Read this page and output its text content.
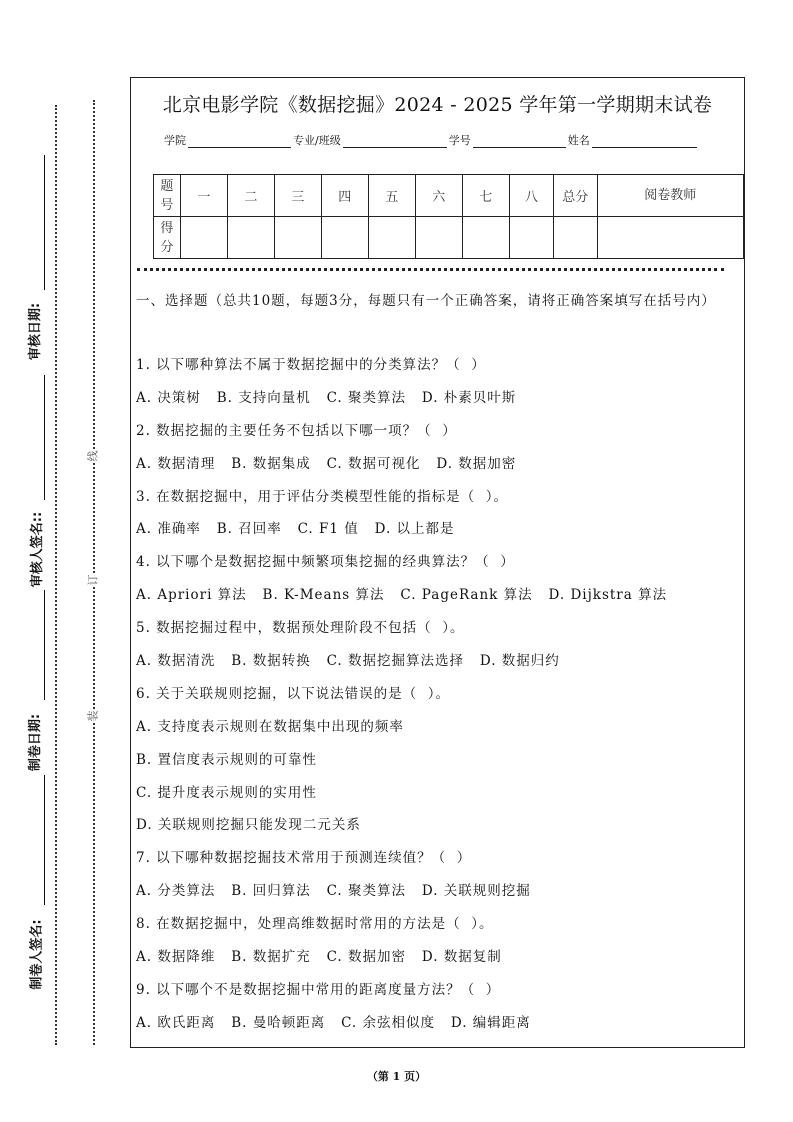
审核日期:
审核人签名::
制卷日期:
制卷人签名:
线
订
装
北京电影学院《数据挖掘》2024 - 2025 学年第一学期期末试卷
学院	专业/班级	学号	姓名
题号	一	二	三	四	五	六	七	八	总分	阅卷教师
得分										
一、选择题（总共10题，每题3分，每题只有一个正确答案，请将正确答案填写在括号内）
1. 以下哪种算法不属于数据挖掘中的分类算法？（  ）
A. 决策树   B. 支持向量机   C. 聚类算法   D. 朴素贝叶斯
2. 数据挖掘的主要任务不包括以下哪一项？（  ）
A. 数据清理   B. 数据集成   C. 数据可视化   D. 数据加密
3. 在数据挖掘中，用于评估分类模型性能的指标是（  ）。
A. 准确率   B. 召回率   C. F1 值   D. 以上都是
4. 以下哪个是数据挖掘中频繁项集挖掘的经典算法？（  ）
A. Apriori 算法   B. K-Means 算法   C. PageRank 算法   D. Dijkstra 算法
5. 数据挖掘过程中，数据预处理阶段不包括（  ）。
A. 数据清洗   B. 数据转换   C. 数据挖掘算法选择   D. 数据归约
6. 关于关联规则挖掘，以下说法错误的是（  ）。
A. 支持度表示规则在数据集中出现的频率
B. 置信度表示规则的可靠性
C. 提升度表示规则的实用性
D. 关联规则挖掘只能发现二元关系
7. 以下哪种数据挖掘技术常用于预测连续值？（  ）
A. 分类算法   B. 回归算法   C. 聚类算法   D. 关联规则挖掘
8. 在数据挖掘中，处理高维数据时常用的方法是（  ）。
A. 数据降维   B. 数据扩充   C. 数据加密   D. 数据复制
9. 以下哪个不是数据挖掘中常用的距离度量方法？（  ）
A. 欧氏距离   B. 曼哈顿距离   C. 余弦相似度   D. 编辑距离
（第 1 页）
